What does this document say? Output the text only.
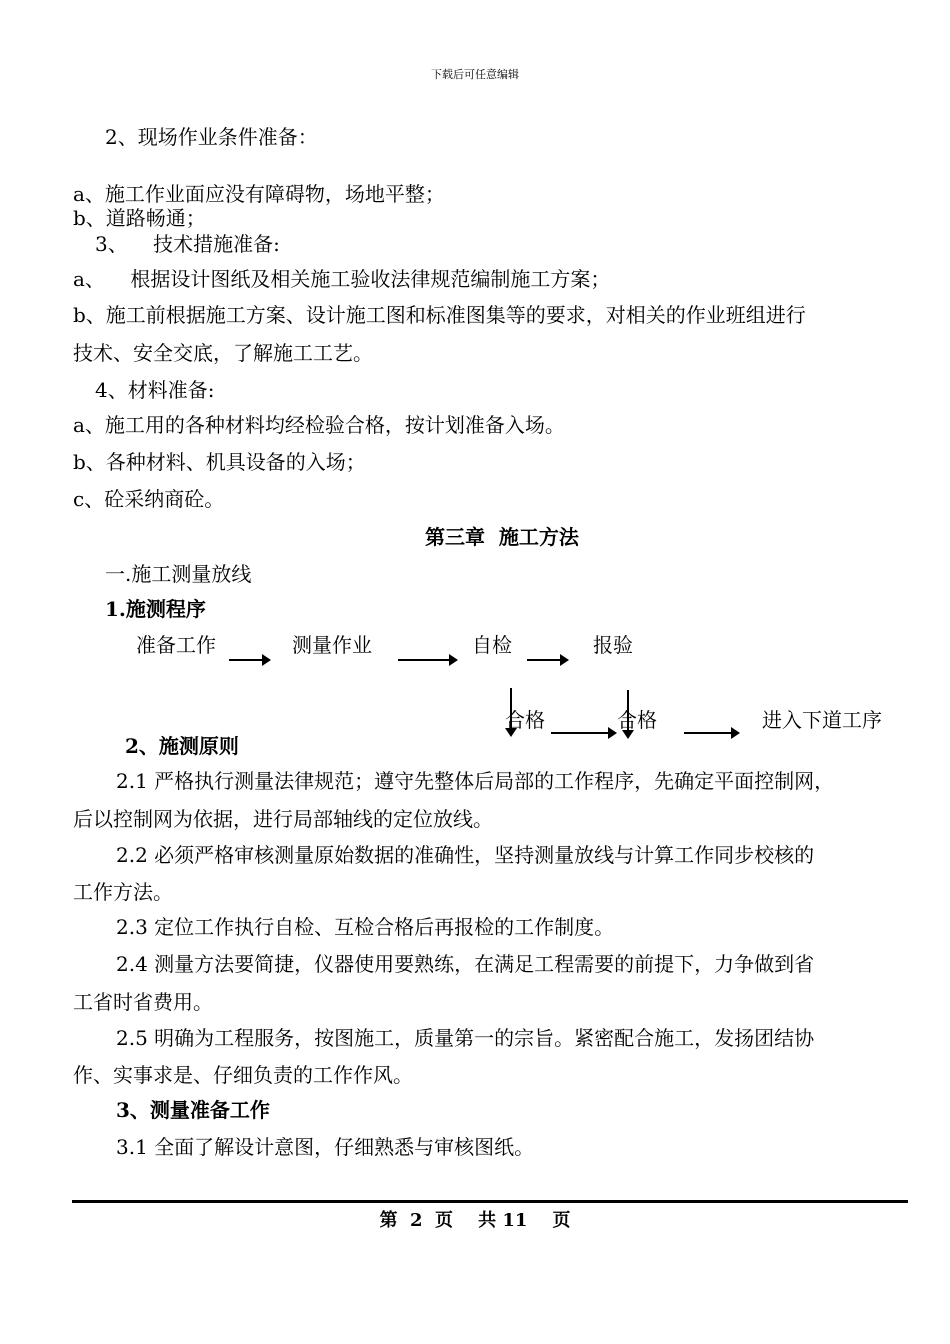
下载后可任意编辑
2、现场作业条件准备：
a、施工作业面应没有障碍物，场地平整；
b、道路畅通；
3、    技术措施准备:
a、    根据设计图纸及相关施工验收法律规范编制施工方案；
b、施工前根据施工方案、设计施工图和标准图集等的要求，对相关的作业班组进行
技术、安全交底，了解施工工艺。
4、材料准备:
a、施工用的各种材料均经检验合格，按计划准备入场。
b、各种材料、机具设备的入场；
c、砼采纳商砼。
第三章  施工方法
一.施工测量放线
1.施测程序
准备工作	测量作业	自检	报验
合格	合格	进入下道工序
2、施测原则
2.1 严格执行测量法律规范；遵守先整体后局部的工作程序，先确定平面控制网，
后以控制网为依据，进行局部轴线的定位放线。
2.2 必须严格审核测量原始数据的准确性，坚持测量放线与计算工作同步校核的
工作方法。
2.3 定位工作执行自检、互检合格后再报检的工作制度。
2.4 测量方法要简捷，仪器使用要熟练，在满足工程需要的前提下，力争做到省
工省时省费用。
2.5 明确为工程服务，按图施工，质量第一的宗旨。紧密配合施工，发扬团结协
作、实事求是、仔细负责的工作作风。
3、测量准备工作
3.1 全面了解设计意图，仔细熟悉与审核图纸。
第  2  页    共 11    页
